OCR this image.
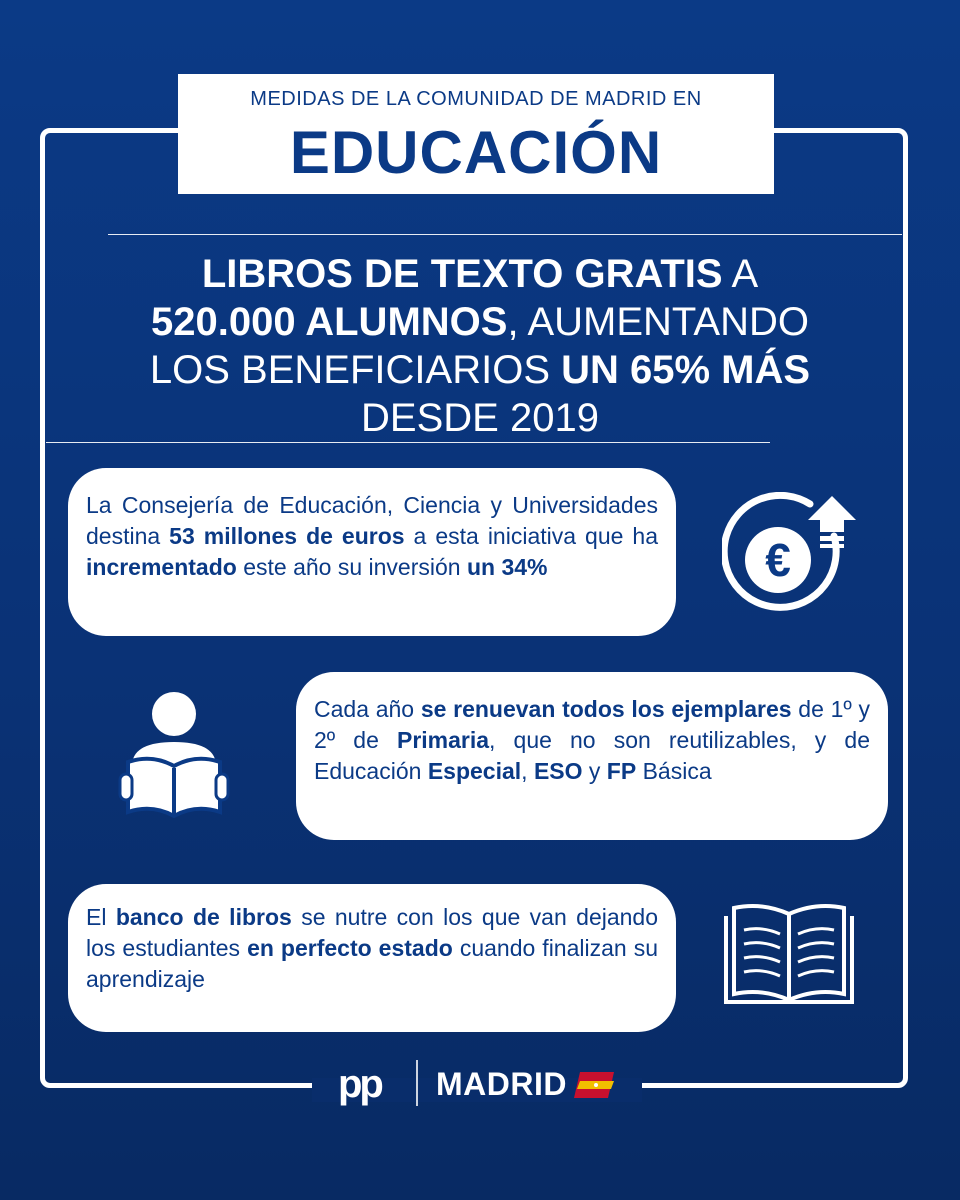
MEDIDAS DE LA COMUNIDAD DE MADRID EN
EDUCACIÓN
LIBROS DE TEXTO GRATIS A
520.000 ALUMNOS, AUMENTANDO
LOS BENEFICIARIOS UN 65% MÁS
DESDE 2019
La Consejería de Educación, Ciencia y Universidades destina 53 millones de euros a esta iniciativa que ha incrementado este año su inversión un 34%	€
Cada año se renuevan todos los ejemplares de 1º y 2º de Primaria, que no son reutilizables, y de Educación Especial, ESO y FP Básica
El banco de libros se nutre con los que van dejando los estudiantes en perfecto estado cuando finalizan su aprendizaje
pp MADRID
